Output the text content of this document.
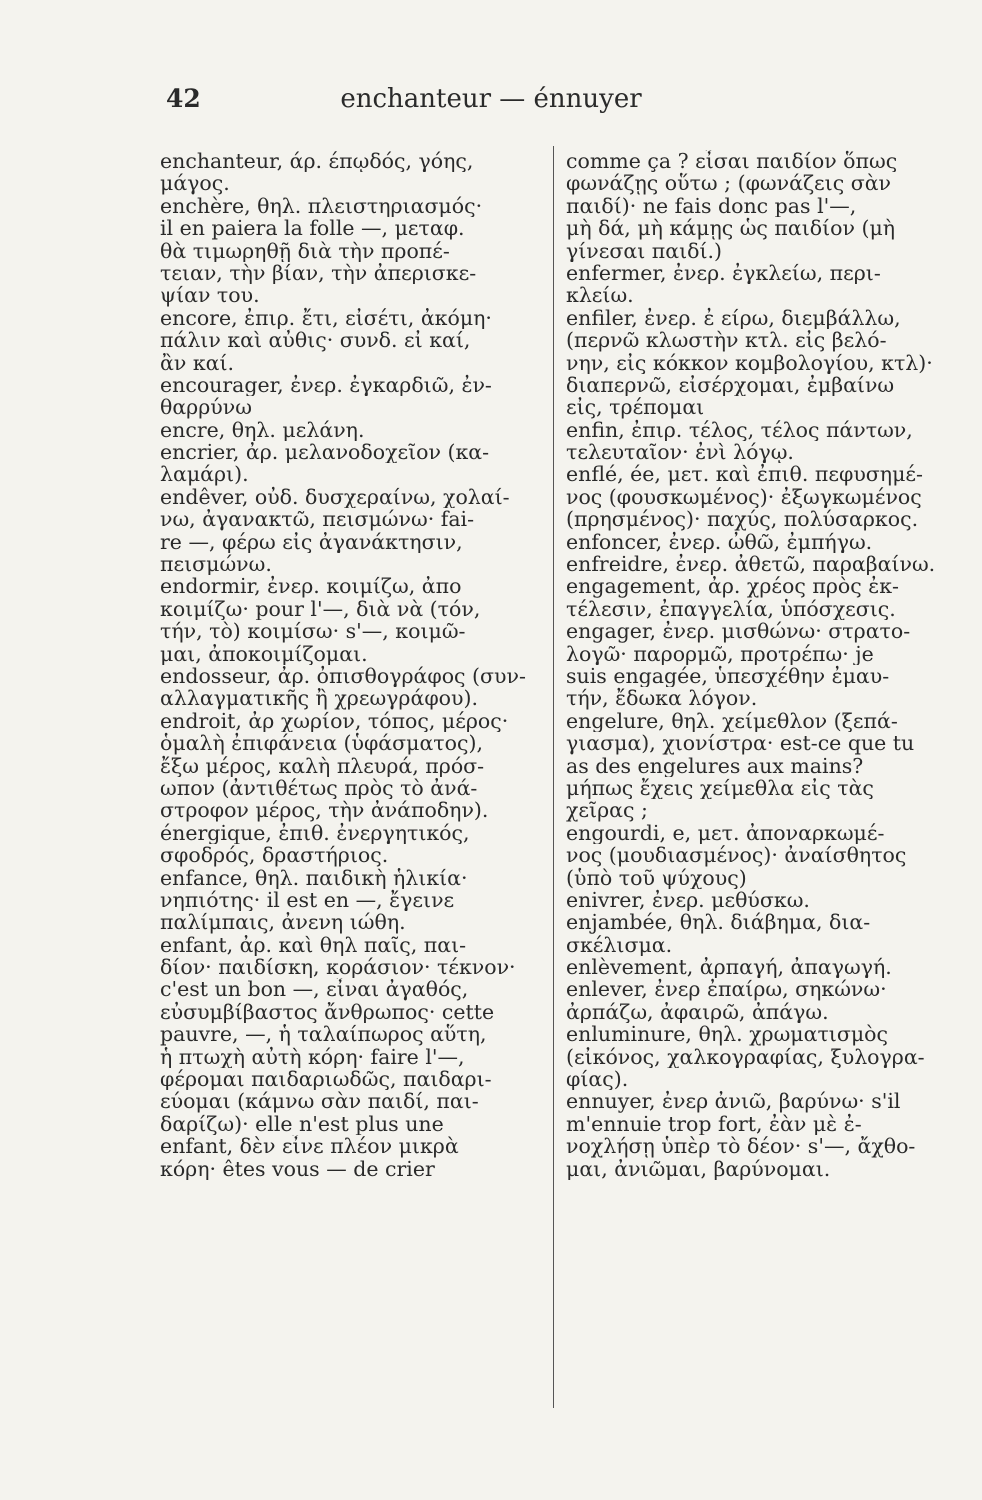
42	enchanteur — énnuyer
enchanteur, άρ. έπῳδός, γόης,
μάγος.
enchère, θηλ. πλειστηριασμός·
il en paiera la folle —, μεταφ.
θὰ τιμωρηθῇ διὰ τὴν προπέ-
τειαν, τὴν βίαν, τὴν ἀπερισκε-
ψίαν του.
encore, ἐπιρ. ἔτι, εἰσέτι, ἀκόμη·
πάλιν καὶ αὖθις· συνδ. εἰ καί,
ἂν καί.
encourager, ἐνερ. ἐγκαρδιῶ, ἐν-
θαρρύνω
encre, θηλ. μελάνη.
encrier, ἀρ. μελανοδοχεῖον (κα-
λαμάρι).
endêver, οὐδ. δυσχεραίνω, χολαί-
νω, ἀγανακτῶ, πεισμώνω· fai-
re —, φέρω εἰς ἀγανάκτησιν,
πεισμώνω.
endormir, ἐνερ. κοιμίζω, ἀπο
κοιμίζω· pour l'—, διὰ νὰ (τόν,
τήν, τὸ) κοιμίσω· s'—, κοιμῶ-
μαι, ἀποκοιμίζομαι.
endosseur, ἀρ. ὀπισθογράφος (συν-
αλλαγματικῆς ἢ χρεωγράφου).
endroit, ἀρ χωρίον, τόπος, μέρος·
ὁμαλὴ ἐπιφάνεια (ὑφάσματος),
ἔξω μέρος, καλὴ πλευρά, πρόσ-
ωπον (ἀντιθέτως πρὸς τὸ ἀνά-
στροφον μέρος, τὴν ἀνάποδην).
énergique, ἐπιθ. ἐνεργητικός,
σφοδρός, δραστήριος.
enfance, θηλ. παιδικὴ ἡλικία·
νηπιότης· il est en —, ἔγεινε
παλίμπαις, ἀνενη ιώθη.
enfant, ἀρ. καὶ θηλ παῖς, παι-
δίον· παιδίσκη, κοράσιον· τέκνον·
c'est un bon —, εἶναι ἀγαθός,
εὐσυμβίβαστος ἄνθρωπος· cette
pauvre, —, ἡ ταλαίπωρος αὕτη,
ἡ πτωχὴ αὐτὴ κόρη· faire l'—,
φέρομαι παιδαριωδῶς, παιδαρι-
εύομαι (κάμνω σὰν παιδί, παι-
δαρίζω)· elle n'est plus une
enfant, δὲν εἶνε πλέον μικρὰ
κόρη· êtes vous — de crier
comme ça ? εἶσαι παιδίον ὅπως
φωνάζῃς οὕτω ; (φωνάζεις σὰν
παιδί)· ne fais donc pas l'—,
μὴ δά, μὴ κάμῃς ὡς παιδίον (μὴ
γίνεσαι παιδί.)
enfermer, ἐνερ. ἐγκλείω, περι-
κλείω.
enfiler, ἐνερ. ἐ είρω, διεμβάλλω,
(περνῶ κλωστὴν κτλ. εἰς βελό-
νην, εἰς κόκκον κομβολογίου, κτλ)·
διαπερνῶ, εἰσέρχομαι, ἐμβαίνω
εἰς, τρέπομαι
enfin, ἐπιρ. τέλος, τέλος πάντων,
τελευταῖον· ἐνὶ λόγῳ.
enflé, ée, μετ. καὶ ἐπιθ. πεφυσημέ-
νος (φουσκωμένος)· ἐξωγκωμένος
(πρησμένος)· παχύς, πολύσαρκος.
enfoncer, ἐνερ. ὠθῶ, ἐμπήγω.
enfreidre, ἐνερ. ἀθετῶ, παραβαίνω.
engagement, ἀρ. χρέος πρὸς ἐκ-
τέλεσιν, ἐπαγγελία, ὑπόσχεσις.
engager, ἐνερ. μισθώνω· στρατο-
λογῶ· παρορμῶ, προτρέπω· je
suis engagée, ὑπεσχέθην ἐμαυ-
τήν, ἔδωκα λόγον.
engelure, θηλ. χείμεθλον (ξεπά-
γιασμα), χιονίστρα· est-ce que tu
as des engelures aux mains?
μήπως ἔχεις χείμεθλα εἰς τὰς
χεῖρας ;
engourdi, e, μετ. ἀποναρκωμέ-
νος (μουδιασμένος)· ἀναίσθητος
(ὑπὸ τοῦ ψύχους)
enivrer, ἐνερ. μεθύσκω.
enjambée, θηλ. διάβημα, δια-
σκέλισμα.
enlèvement, ἀρπαγή, ἀπαγωγή.
enlever, ἐνερ ἐπαίρω, σηκώνω·
ἀρπάζω, ἀφαιρῶ, ἀπάγω.
enluminure, θηλ. χρωματισμὸς
(εἰκόνος, χαλκογραφίας, ξυλογρα-
φίας).
ennuyer, ἐνερ ἀνιῶ, βαρύνω· s'il
m'ennuie trop fort, ἐὰν μὲ ἐ-
νοχλήσῃ ὑπὲρ τὸ δέον· s'—, ἄχθο-
μαι, ἀνιῶμαι, βαρύνομαι.
